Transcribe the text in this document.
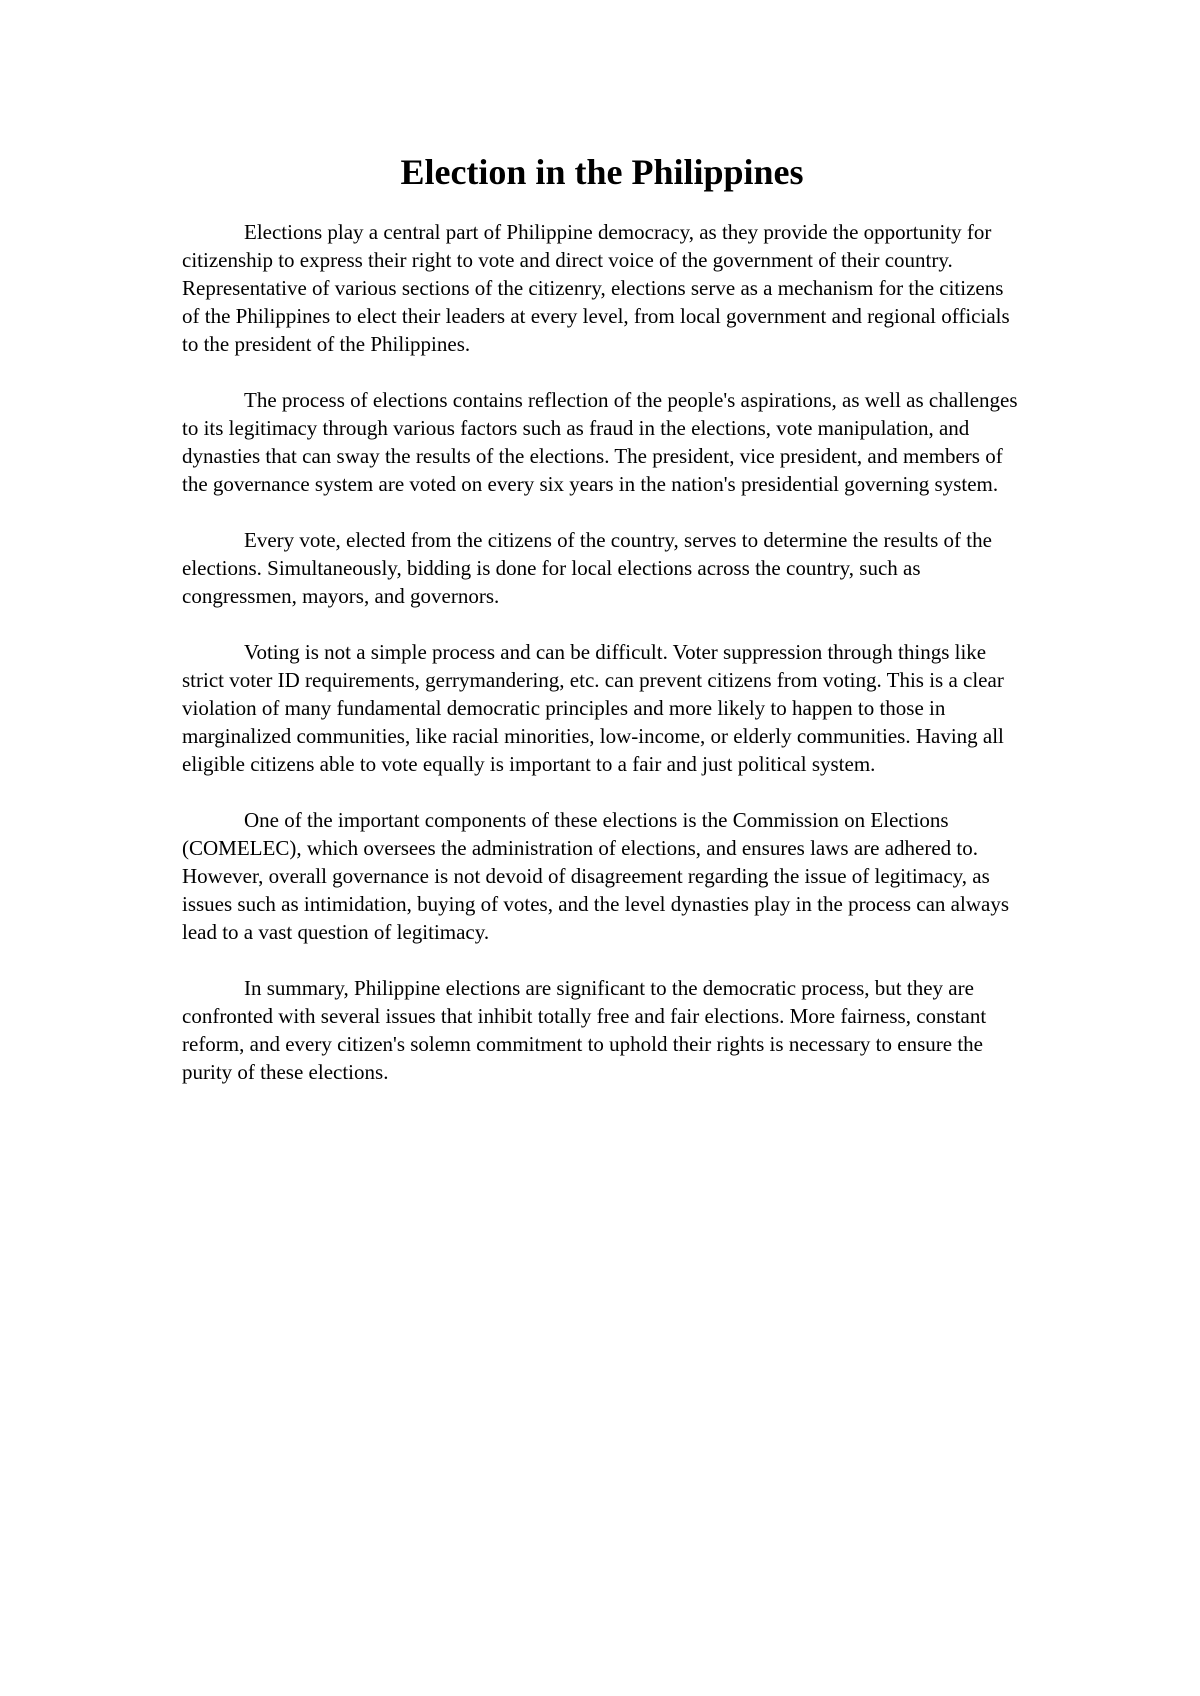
Election in the Philippines

Elections play a central part of Philippine democracy, as they provide the opportunity for citizenship to express their right to vote and direct voice of the government of their country. Representative of various sections of the citizenry, elections serve as a mechanism for the citizens of the Philippines to elect their leaders at every level, from local government and regional officials to the president of the Philippines.

The process of elections contains reflection of the people's aspirations, as well as challenges to its legitimacy through various factors such as fraud in the elections, vote manipulation, and dynasties that can sway the results of the elections. The president, vice president, and members of the governance system are voted on every six years in the nation's presidential governing system.

Every vote, elected from the citizens of the country, serves to determine the results of the elections. Simultaneously, bidding is done for local elections across the country, such as congressmen, mayors, and governors.

Voting is not a simple process and can be difficult. Voter suppression through things like strict voter ID requirements, gerrymandering, etc. can prevent citizens from voting. This is a clear violation of many fundamental democratic principles and more likely to happen to those in marginalized communities, like racial minorities, low-income, or elderly communities. Having all eligible citizens able to vote equally is important to a fair and just political system.

One of the important components of these elections is the Commission on Elections (COMELEC), which oversees the administration of elections, and ensures laws are adhered to. However, overall governance is not devoid of disagreement regarding the issue of legitimacy, as issues such as intimidation, buying of votes, and the level dynasties play in the process can always lead to a vast question of legitimacy.

In summary, Philippine elections are significant to the democratic process, but they are confronted with several issues that inhibit totally free and fair elections. More fairness, constant reform, and every citizen's solemn commitment to uphold their rights is necessary to ensure the purity of these elections.
